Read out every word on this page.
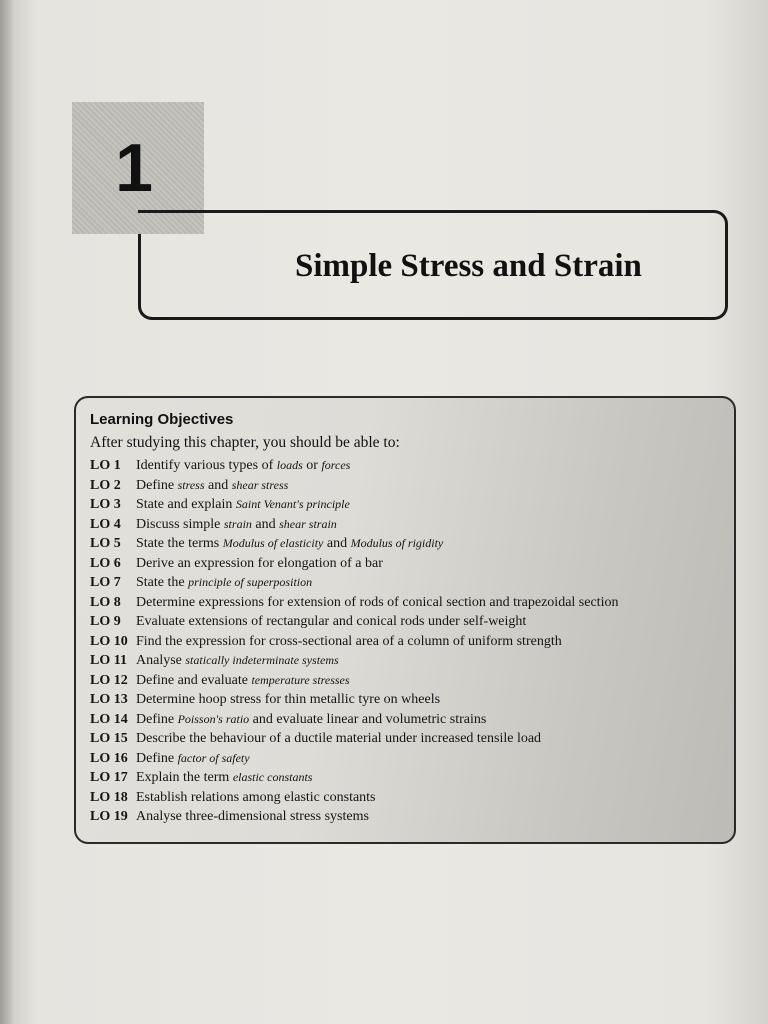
1
Simple Stress and Strain
Learning Objectives
After studying this chapter, you should be able to:
LO 1	Identify various types of loads or forces
LO 2	Define stress and shear stress
LO 3	State and explain Saint Venant's principle
LO 4	Discuss simple strain and shear strain
LO 5	State the terms Modulus of elasticity and Modulus of rigidity
LO 6	Derive an expression for elongation of a bar
LO 7	State the principle of superposition
LO 8	Determine expressions for extension of rods of conical section and trapezoidal section
LO 9	Evaluate extensions of rectangular and conical rods under self-weight
LO 10 Find the expression for cross-sectional area of a column of uniform strength
LO 11 Analyse statically indeterminate systems
LO 12 Define and evaluate temperature stresses
LO 13 Determine hoop stress for thin metallic tyre on wheels
LO 14 Define Poisson's ratio and evaluate linear and volumetric strains
LO 15 Describe the behaviour of a ductile material under increased tensile load
LO 16 Define factor of safety
LO 17 Explain the term elastic constants
LO 18 Establish relations among elastic constants
LO 19 Analyse three-dimensional stress systems
